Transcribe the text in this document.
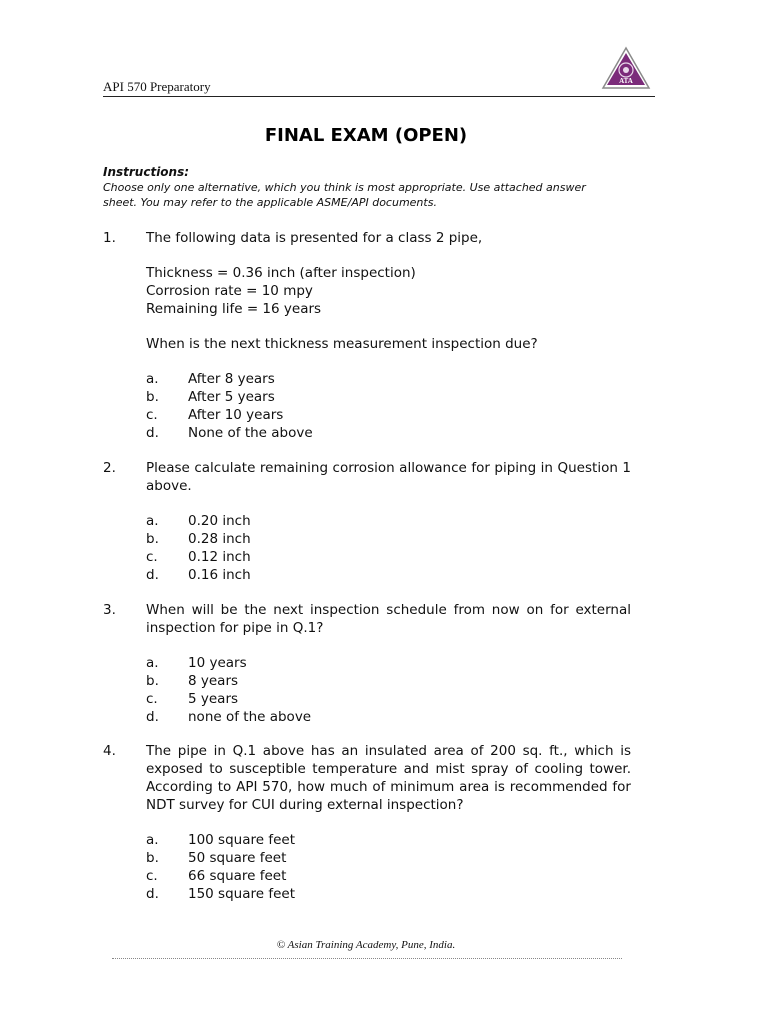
API 570 Preparatory	ATA
FINAL EXAM (OPEN)
Instructions:
Choose only one alternative, which you think is most appropriate. Use attached answer
sheet. You may refer to the applicable ASME/API documents.
1. The following data is presented for a class 2 pipe,
Thickness = 0.36 inch (after inspection)
Corrosion rate = 10 mpy
Remaining life = 16 years
When is the next thickness measurement inspection due?
a. After 8 years
b. After 5 years
c. After 10 years
d. None of the above
2. Please calculate remaining corrosion allowance for piping in Question 1 above.
a. 0.20 inch
b. 0.28 inch
c. 0.12 inch
d. 0.16 inch
3. When will be the next inspection schedule from now on for external inspection for pipe in Q.1?
a. 10 years
b. 8 years
c. 5 years
d. none of the above
4. The pipe in Q.1 above has an insulated area of 200 sq. ft., which is exposed to susceptible temperature and mist spray of cooling tower. According to API 570, how much of minimum area is recommended for NDT survey for CUI during external inspection?
a. 100 square feet
b. 50 square feet
c. 66 square feet
d. 150 square feet
© Asian Training Academy, Pune, India.
